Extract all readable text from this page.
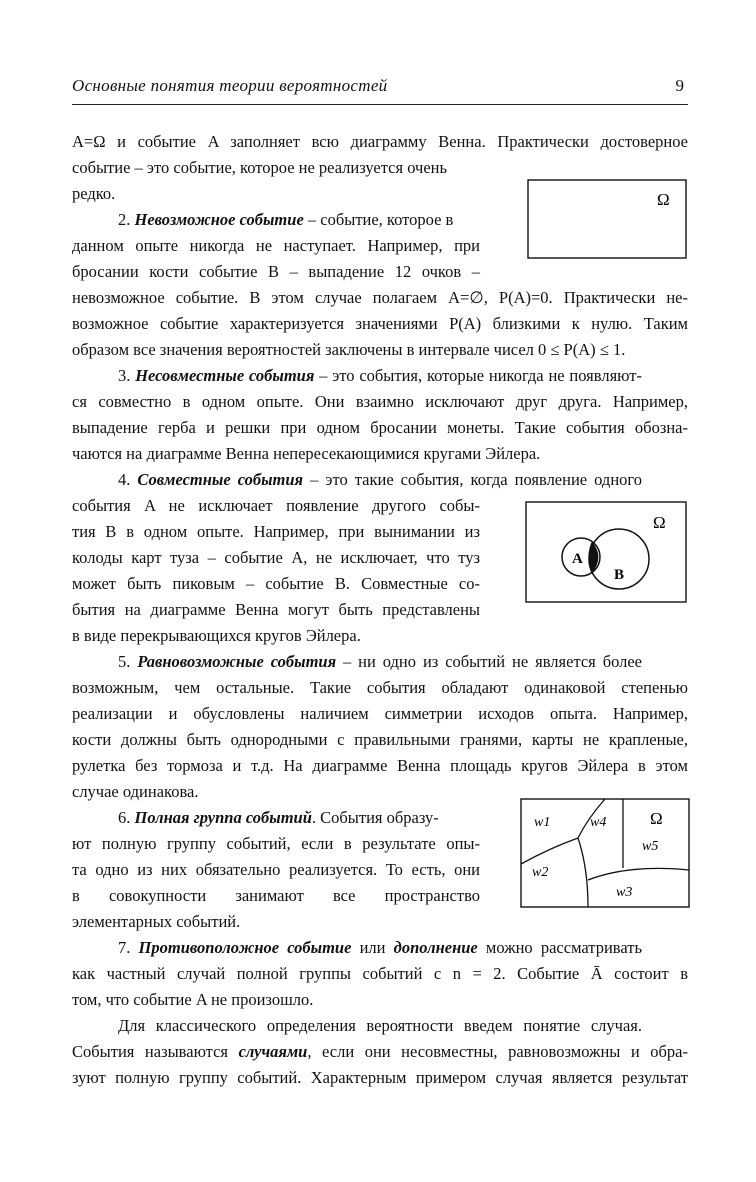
Основные понятия теории вероятностей	9
A=Ω и событие A заполняет всю диаграмму Венна. Практически достоверное
событие – это событие, которое не реализуется очень
редко.
2. Невозможное событие – событие, которое в
данном опыте никогда не наступает. Например, при
бросании кости событие B – выпадение 12 очков –
невозможное событие. В этом случае полагаем A=∅, P(A)=0. Практически не-
возможное событие характеризуется значениями P(A) близкими к нулю. Таким
образом все значения вероятностей заключены в интервале чисел 0 ≤ P(A) ≤ 1.
3. Несовместные события – это события, которые никогда не появляют-
ся совместно в одном опыте. Они взаимно исключают друг друга. Например,
выпадение герба и решки при одном бросании монеты. Такие события обозна-
чаются на диаграмме Венна непересекающимися кругами Эйлера.
4. Совместные события – это такие события, когда появление одного
события A не исключает появление другого собы-
тия B в одном опыте. Например, при вынимании из
колоды карт туза – событие A, не исключает, что туз
может быть пиковым – событие B. Совместные со-
бытия на диаграмме Венна могут быть представлены
в виде перекрывающихся кругов Эйлера.
5. Равновозможные события – ни одно из событий не является более
возможным, чем остальные. Такие события обладают одинаковой степенью
реализации и обусловлены наличием симметрии исходов опыта. Например,
кости должны быть однородными с правильными гранями, карты не крапленые,
рулетка без тормоза и т.д. На диаграмме Венна площадь кругов Эйлера в этом
случае одинакова.
6. Полная группа событий. События образу-
ют полную группу событий, если в результате опы-
та одно из них обязательно реализуется. То есть, они
в совокупности занимают все пространство
элементарных событий.
7. Противоположное событие или дополнение можно рассматривать
как частный случай полной группы событий с n = 2. Событие Ā состоит в
том, что событие A не произошло.
Для классического определения вероятности введем понятие случая.
События называются случаями, если они несовместны, равновозможны и обра-
зуют полную группу событий. Характерным примером случая является результат
Ω
A
B
Ω
w1	w4	Ω
w5
w2
w3
